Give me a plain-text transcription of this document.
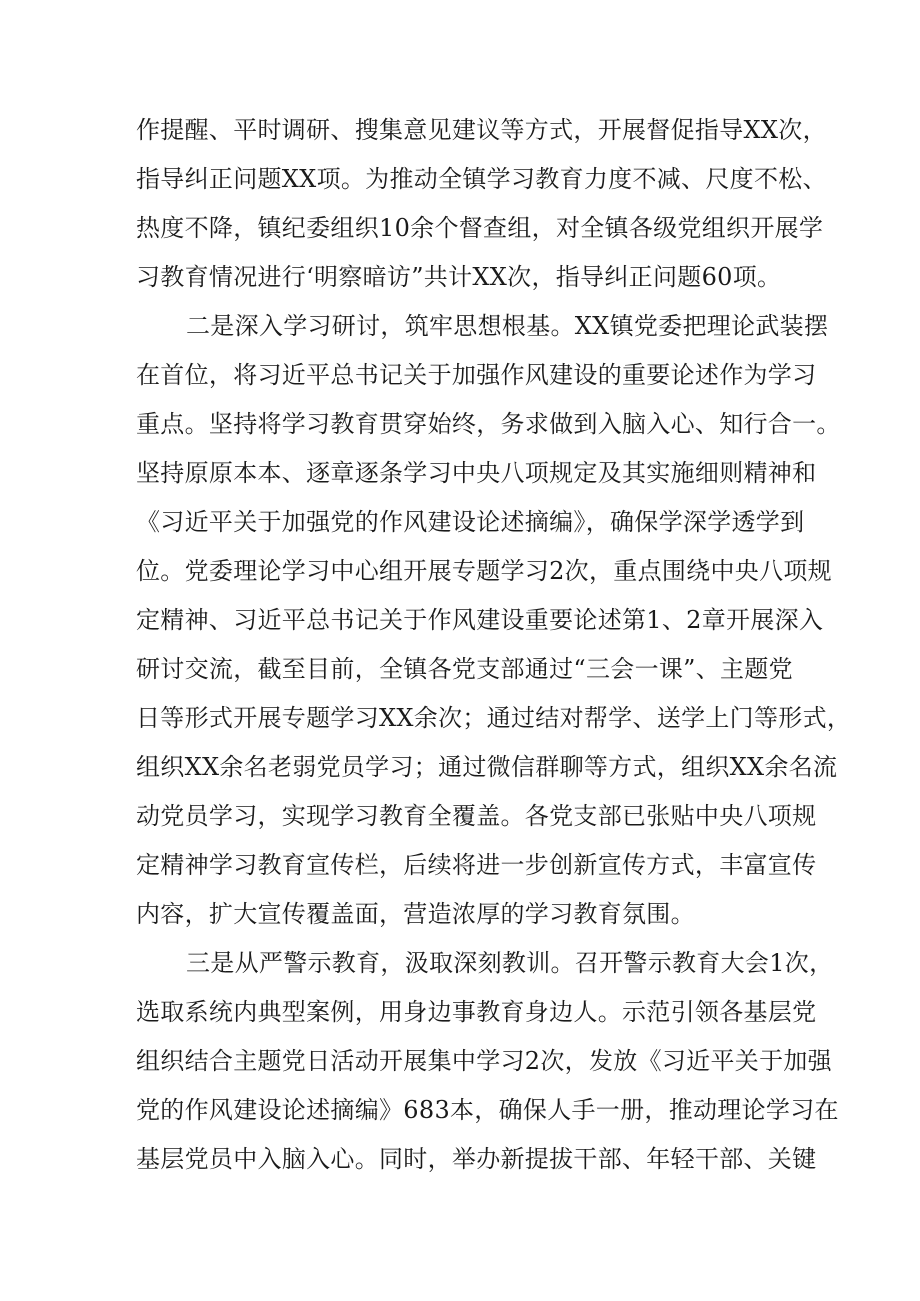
作提醒、平时调研、搜集意见建议等方式，开展督促指导XX次，
指导纠正问题XX项。为推动全镇学习教育力度不减、尺度不松、
热度不降，镇纪委组织10余个督查组，对全镇各级党组织开展学
习教育情况进行‘明察暗访”共计XX次，指导纠正问题60项。
二是深入学习研讨，筑牢思想根基。XX镇党委把理论武装摆
在首位，将习近平总书记关于加强作风建设的重要论述作为学习
重点。坚持将学习教育贯穿始终，务求做到入脑入心、知行合一。
坚持原原本本、逐章逐条学习中央八项规定及其实施细则精神和
《习近平关于加强党的作风建设论述摘编》，确保学深学透学到
位。党委理论学习中心组开展专题学习2次，重点围绕中央八项规
定精神、习近平总书记关于作风建设重要论述第1、2章开展深入
研讨交流，截至目前，全镇各党支部通过“三会一课”、主题党
日等形式开展专题学习XX余次；通过结对帮学、送学上门等形式，
组织XX余名老弱党员学习；通过微信群聊等方式，组织XX余名流
动党员学习，实现学习教育全覆盖。各党支部已张贴中央八项规
定精神学习教育宣传栏，后续将进一步创新宣传方式，丰富宣传
内容，扩大宣传覆盖面，营造浓厚的学习教育氛围。
三是从严警示教育，汲取深刻教训。召开警示教育大会1次，
选取系统内典型案例，用身边事教育身边人。示范引领各基层党
组织结合主题党日活动开展集中学习2次，发放《习近平关于加强
党的作风建设论述摘编》683本，确保人手一册，推动理论学习在
基层党员中入脑入心。同时，举办新提拔干部、年轻干部、关键
